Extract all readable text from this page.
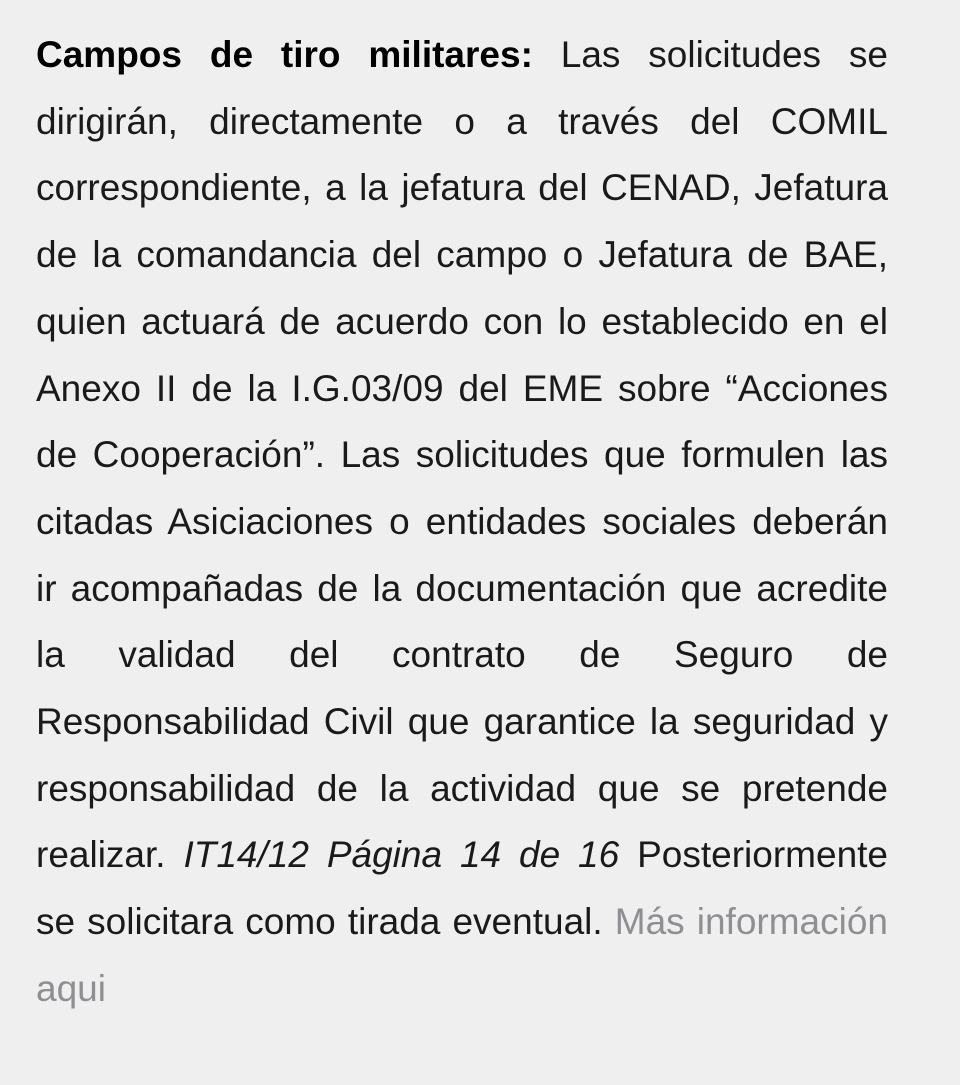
Campos de tiro militares: Las solicitudes se dirigirán, directamente o a través del COMIL correspondiente, a la jefatura del CENAD, Jefatura de la comandancia del campo o Jefatura de BAE, quien actuará de acuerdo con lo establecido en el Anexo II de la I.G.03/09 del EME sobre “Acciones de Cooperación”. Las solicitudes que formulen las citadas Asiciaciones o entidades sociales deberán ir acompañadas de la documentación que acredite la validad del contrato de Seguro de Responsabilidad Civil que garantice la seguridad y responsabilidad de la actividad que se pretende realizar. IT14/12 Página 14 de 16 Posteriormente se solicitara como tirada eventual. Más información aqui
